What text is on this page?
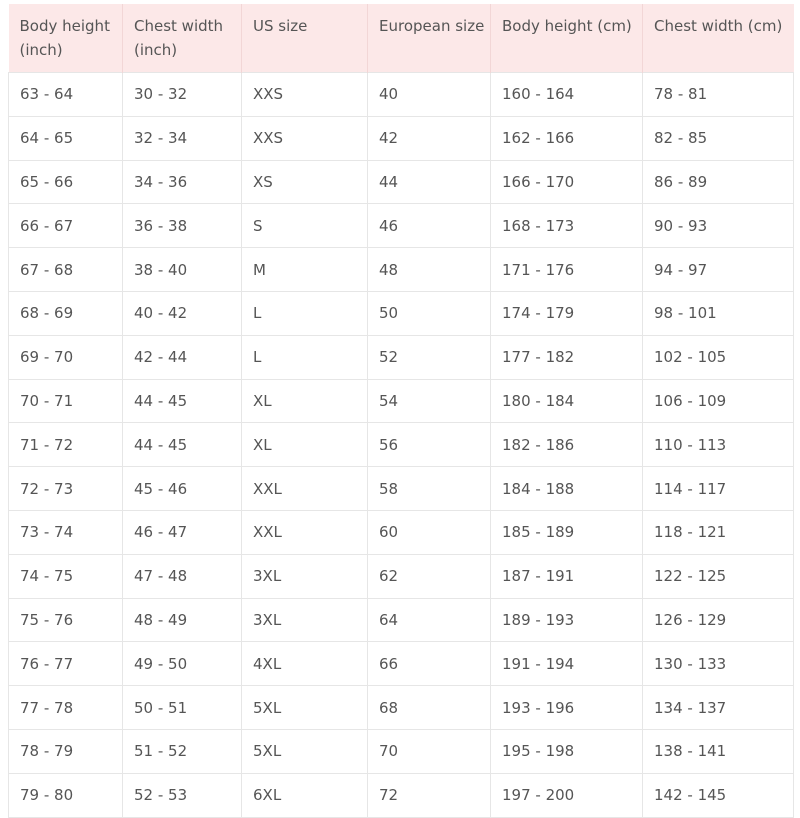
Body height (inch)	Chest width (inch)	US size	European size	Body height (cm)	Chest width (cm)
63 - 64	30 - 32	XXS	40	160 - 164	78 - 81
64 - 65	32 - 34	XXS	42	162 - 166	82 - 85
65 - 66	34 - 36	XS	44	166 - 170	86 - 89
66 - 67	36 - 38	S	46	168 - 173	90 - 93
67 - 68	38 - 40	M	48	171 - 176	94 - 97
68 - 69	40 - 42	L	50	174 - 179	98 - 101
69 - 70	42 - 44	L	52	177 - 182	102 - 105
70 - 71	44 - 45	XL	54	180 - 184	106 - 109
71 - 72	44 - 45	XL	56	182 - 186	110 - 113
72 - 73	45 - 46	XXL	58	184 - 188	114 - 117
73 - 74	46 - 47	XXL	60	185 - 189	118 - 121
74 - 75	47 - 48	3XL	62	187 - 191	122 - 125
75 - 76	48 - 49	3XL	64	189 - 193	126 - 129
76 - 77	49 - 50	4XL	66	191 - 194	130 - 133
77 - 78	50 - 51	5XL	68	193 - 196	134 - 137
78 - 79	51 - 52	5XL	70	195 - 198	138 - 141
79 - 80	52 - 53	6XL	72	197 - 200	142 - 145
